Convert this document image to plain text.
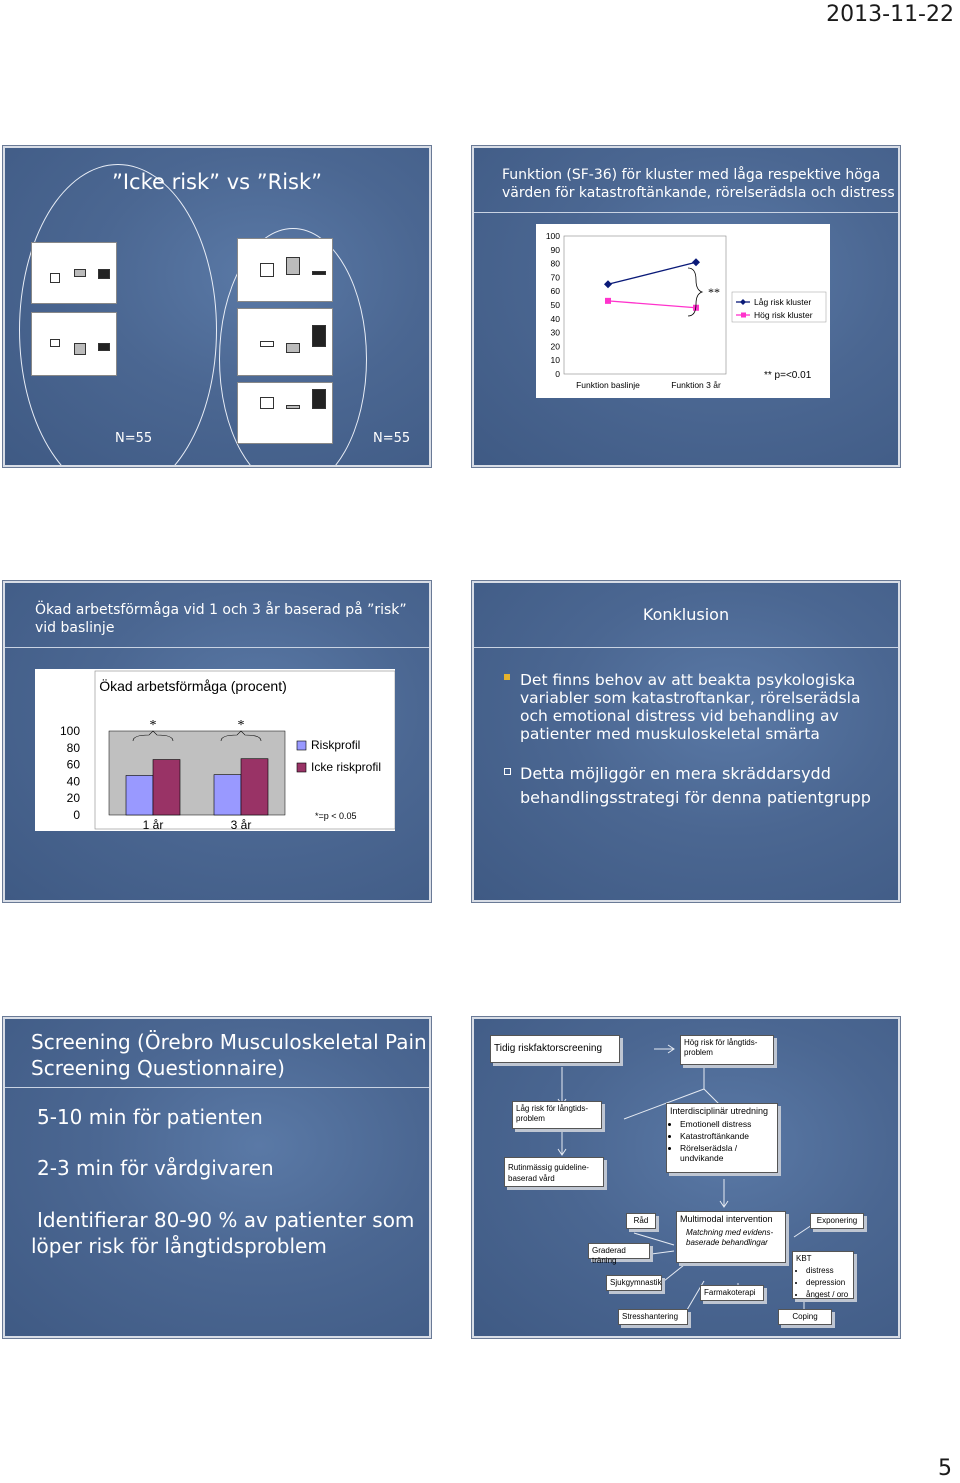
2013-11-22
”Icke risk” vs ”Risk”
N=55	N=55
Funktion (SF-36) för kluster med låga respektive höga värden för katastroftänkande, rörelserädsla och distress
100
90
80
70
60
50
40
30
20
10
0
Funktion baslinje	Funktion 3 år
Låg risk kluster
Hög risk kluster
**
** p=<0.01
Ökad arbetsförmåga vid 1 och 3 år baserad på ”risk” vid baslinje
Ökad arbetsförmåga (procent)
100
80
60
40
20
0
1 år
*
3 år
*
Riskprofil
Icke riskprofil
*=p < 0.05
Konklusion
Det finns behov av att beakta psykologiska variabler som katastroftankar, rörelserädsla och emotional distress vid behandling av patienter med muskuloskeletal smärta
Detta möjliggör en mera skräddarsydd
behandlingsstrategi för denna patientgrupp
Screening (Örebro Musculoskeletal Pain Screening Questionnaire)
5-10 min för patienten
2-3 min för vårdgivaren
Identifierar 80-90 % av patienter som
löper risk för långtidsproblem
Tidig riskfaktorscreening
Hög risk för långtids-problem
Låg risk för långtids-problem
Rutinmässig guideline-baserad vård
Interdisciplinär utredning
• Emotionell distress
• Katastroftänkande
• Rörelserädsla / undvikande
Råd
Graderad träning
Sjukgymnastik
Stresshantering
Multimodal intervention
Matchning med evidens-baserade behandlingar
Farmakoterapi
Exponering
KBT
• distress
• depression
• ångest / oro
Coping
5
